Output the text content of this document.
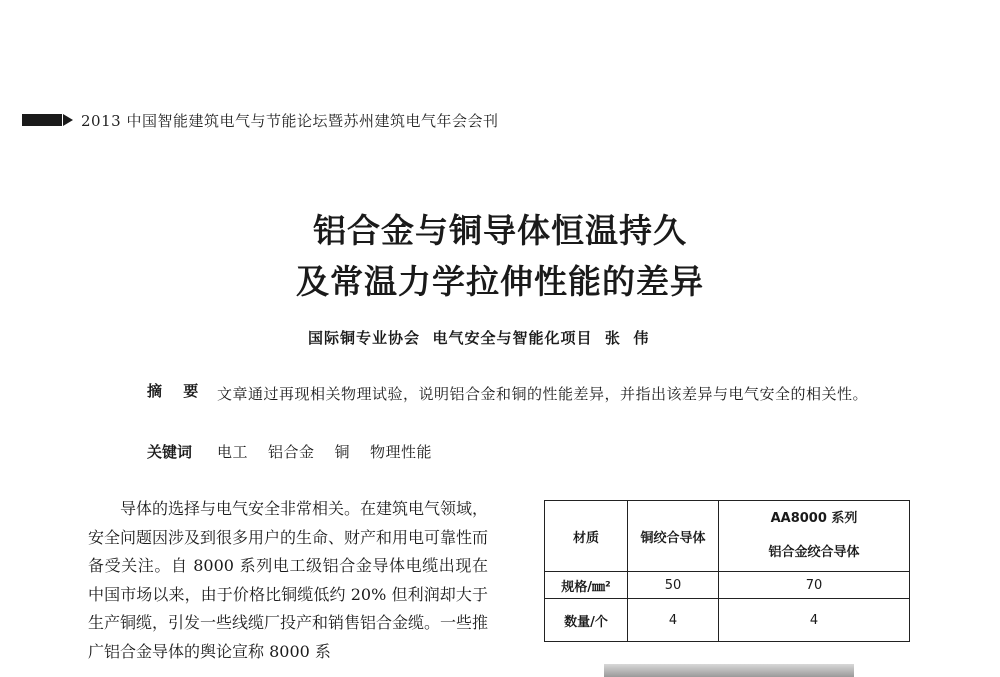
2013 中国智能建筑电气与节能论坛暨苏州建筑电气年会会刊
铝合金与铜导体恒温持久
及常温力学拉伸性能的差异
国际铜专业协会  电气安全与智能化项目  张  伟
摘 要 文章通过再现相关物理试验，说明铝合金和铜的性能差异，并指出该差异与电气安全的相关性。
关键词	电工 铝合金 铜 物理性能

导体的选择与电气安全非常相关。在建筑电气领域，安全问题因涉及到很多用户的生命、财产和用电可靠性而备受关注。自 8000 系列电工级铝合金导体电缆出现在中国市场以来，由于价格比铜缆低约 20% 但利润却大于生产铜缆，引发一些线缆厂投产和销售铝合金缆。一些推广铝合金导体的舆论宣称 8000 系

材质	铜绞合导体	AA8000 系列
铝合金绞合导体

规格/㎜²	50	70
数量/个	4	4
